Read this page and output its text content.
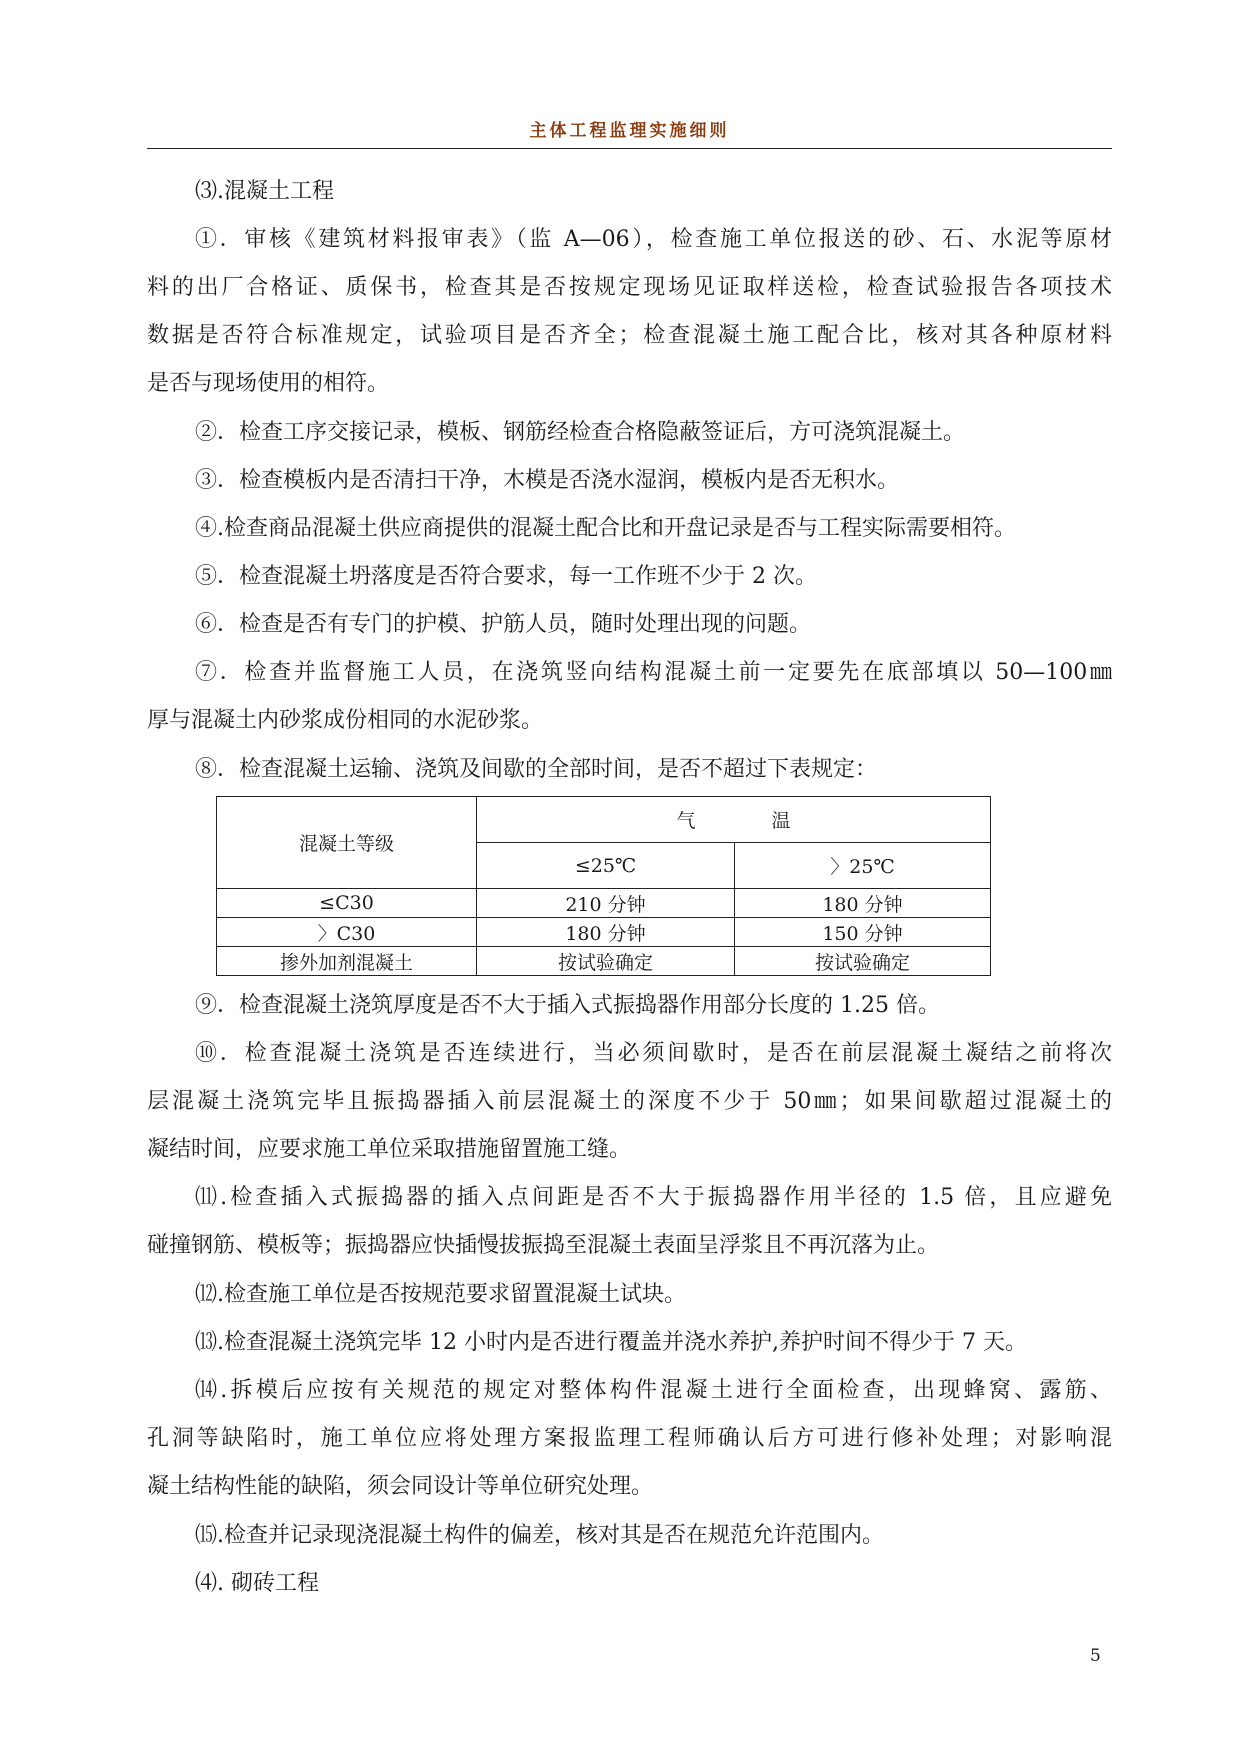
主体工程监理实施细则
⑶.混凝土工程
①．审核《建筑材料报审表》（监 A—06），检查施工单位报送的砂、石、水泥等原材
料的出厂合格证、质保书，检查其是否按规定现场见证取样送检，检查试验报告各项技术
数据是否符合标准规定，试验项目是否齐全；检查混凝土施工配合比，核对其各种原材料
是否与现场使用的相符。
②．检查工序交接记录，模板、钢筋经检查合格隐蔽签证后，方可浇筑混凝土。
③．检查模板内是否清扫干净，木模是否浇水湿润，模板内是否无积水。
④.检查商品混凝土供应商提供的混凝土配合比和开盘记录是否与工程实际需要相符。
⑤．检查混凝土坍落度是否符合要求，每一工作班不少于 2 次。
⑥．检查是否有专门的护模、护筋人员，随时处理出现的问题。
⑦．检查并监督施工人员，在浇筑竖向结构混凝土前一定要先在底部填以 50—100㎜
厚与混凝土内砂浆成份相同的水泥砂浆。
⑧．检查混凝土运输、浇筑及间歇的全部时间，是否不超过下表规定：
混凝土等级	气　　　　温	
	≤25℃	〉25℃
≤C30	210 分钟	180 分钟
〉C30	180 分钟	150 分钟
掺外加剂混凝土	按试验确定	按试验确定
⑨．检查混凝土浇筑厚度是否不大于插入式振捣器作用部分长度的 1.25 倍。
⑩．检查混凝土浇筑是否连续进行，当必须间歇时，是否在前层混凝土凝结之前将次
层混凝土浇筑完毕且振捣器插入前层混凝土的深度不少于 50㎜；如果间歇超过混凝土的
凝结时间，应要求施工单位采取措施留置施工缝。
⑾.检查插入式振捣器的插入点间距是否不大于振捣器作用半径的 1.5 倍，且应避免
碰撞钢筋、模板等；振捣器应快插慢拔振捣至混凝土表面呈浮浆且不再沉落为止。
⑿.检查施工单位是否按规范要求留置混凝土试块。
⒀.检查混凝土浇筑完毕 12 小时内是否进行覆盖并浇水养护,养护时间不得少于 7 天。
⒁.拆模后应按有关规范的规定对整体构件混凝土进行全面检查，出现蜂窝、露筋、
孔洞等缺陷时，施工单位应将处理方案报监理工程师确认后方可进行修补处理；对影响混
凝土结构性能的缺陷，须会同设计等单位研究处理。
⒂.检查并记录现浇混凝土构件的偏差，核对其是否在规范允许范围内。
⑷. 砌砖工程
5
